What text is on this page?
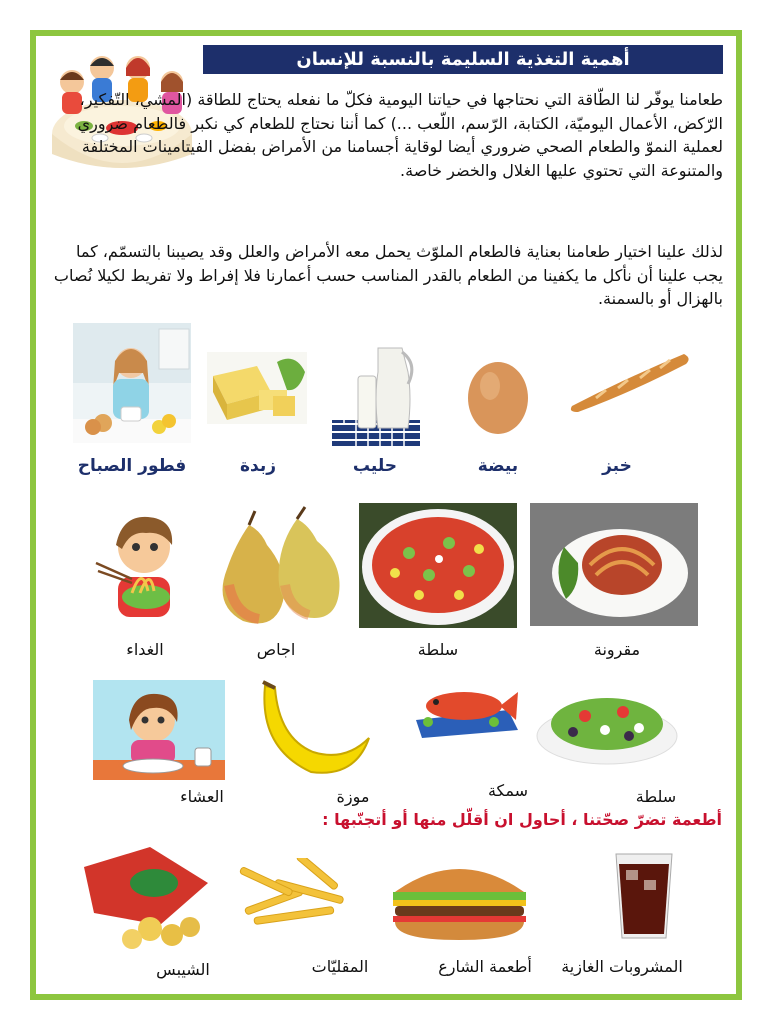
أهمية التغذية السليمة بالنسبة للإنسان

طعامنا يوفّر لنا الطّاقة التي نحتاجها في حياتنا اليومية فكلّ ما نفعله يحتاج للطاقة (المشي، التّفكير، الرّكض، الأعمال اليوميّة، الكتابة، الرّسم، اللّعب ...) كما أننا نحتاج للطعام كي نكبر فالطعام ضروري لعملية النموّ والطعام الصحي ضروري أيضا لوقاية أجسامنا من الأمراض بفضل الفيتامينات المختلفة والمتنوعة التي تحتوي عليها الغلال والخضر خاصة.

لذلك علينا اختيار طعامنا بعناية فالطعام الملوّث يحمل معه الأمراض والعلل وقد يصيبنا بالتسمّم، كما يجب علينا أن نأكل ما يكفينا من الطعام بالقدر المناسب حسب أعمارنا فلا إفراط ولا تفريط لكيلا نُصاب بالهزال أو بالسمنة.

فطور الصباح	زبدة	حليب	بيضة	خبز
الغداء	اجاص	سلطة	مقرونة
العشاء	موزة	سمكة	سلطة
أطعمة تضرّ صحّتنا ، أحاول ان أقلّل منها أو أتجنّبها :
الشيبس	المقليّات	أطعمة الشارع	المشروبات الغازية
